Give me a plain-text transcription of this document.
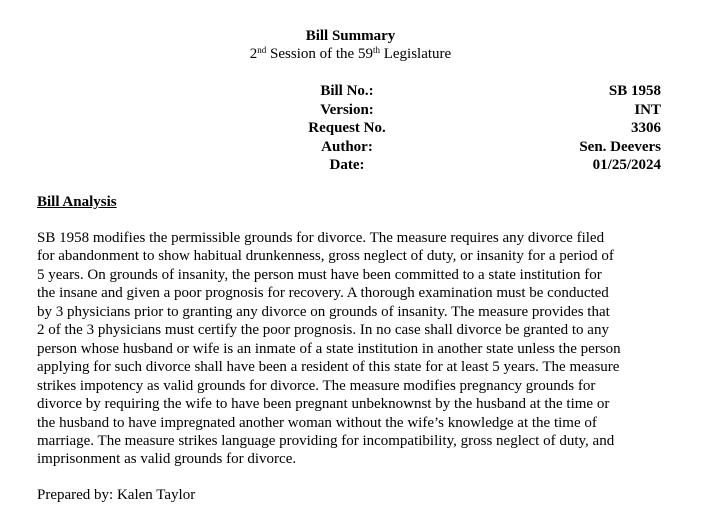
Bill Summary
2nd Session of the 59th Legislature
Bill No.:	SB 1958
Version:	INT
Request No.	3306
Author:	Sen. Deevers
Date:	01/25/2024
Bill Analysis
SB 1958 modifies the permissible grounds for divorce. The measure requires any divorce filed
for abandonment to show habitual drunkenness, gross neglect of duty, or insanity for a period of
5 years. On grounds of insanity, the person must have been committed to a state institution for
the insane and given a poor prognosis for recovery. A thorough examination must be conducted
by 3 physicians prior to granting any divorce on grounds of insanity. The measure provides that
2 of the 3 physicians must certify the poor prognosis. In no case shall divorce be granted to any
person whose husband or wife is an inmate of a state institution in another state unless the person
applying for such divorce shall have been a resident of this state for at least 5 years. The measure
strikes impotency as valid grounds for divorce. The measure modifies pregnancy grounds for
divorce by requiring the wife to have been pregnant unbeknownst by the husband at the time or
the husband to have impregnated another woman without the wife’s knowledge at the time of
marriage. The measure strikes language providing for incompatibility, gross neglect of duty, and
imprisonment as valid grounds for divorce.
Prepared by: Kalen Taylor
